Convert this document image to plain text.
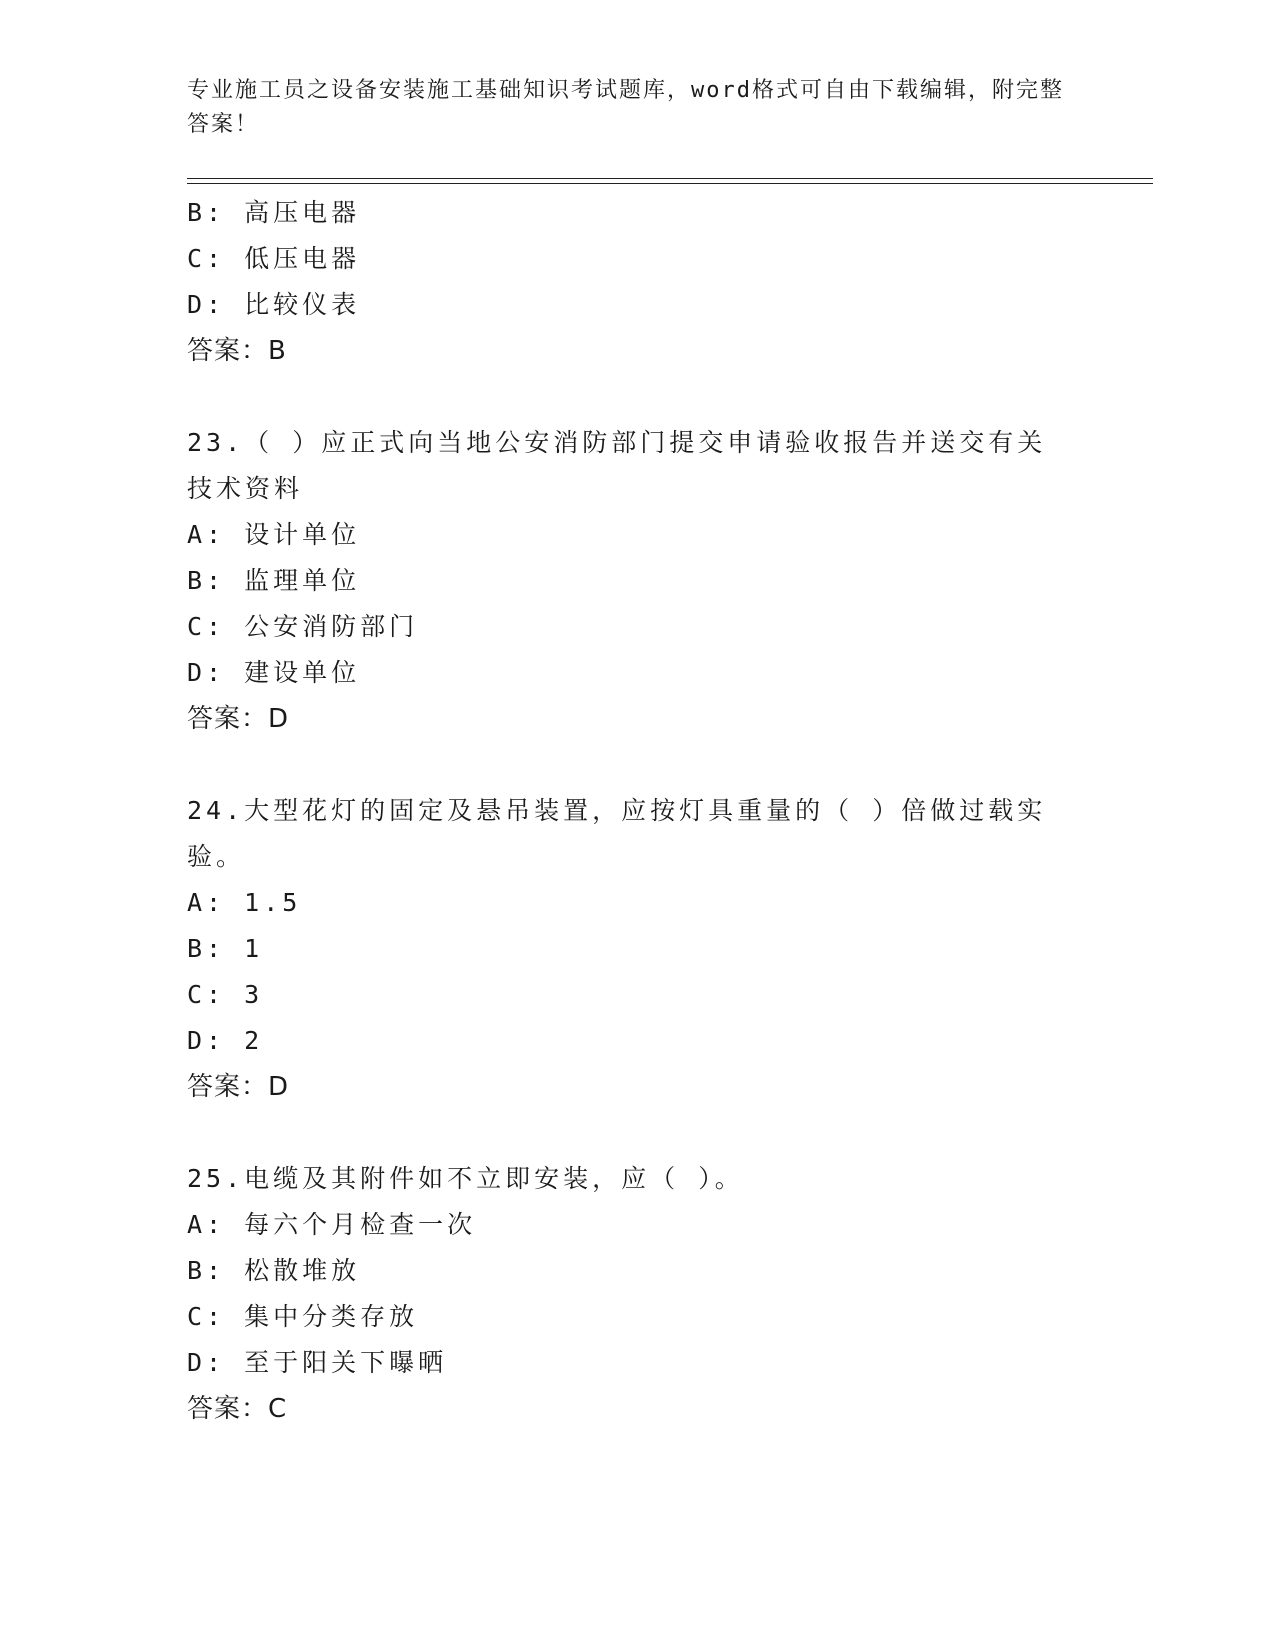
专业施工员之设备安装施工基础知识考试题库，word格式可自由下载编辑，附完整答案！
B: 高压电器
C: 低压电器
D: 比较仪表
答案：B
23.（ ）应正式向当地公安消防部门提交申请验收报告并送交有关技术资料
A: 设计单位
B: 监理单位
C: 公安消防部门
D: 建设单位
答案：D
24.大型花灯的固定及悬吊装置，应按灯具重量的（ ）倍做过载实验。
A: 1.5
B: 1
C: 3
D: 2
答案：D
25.电缆及其附件如不立即安装，应（ ）。
A: 每六个月检查一次
B: 松散堆放
C: 集中分类存放
D: 至于阳关下曝晒
答案：C
